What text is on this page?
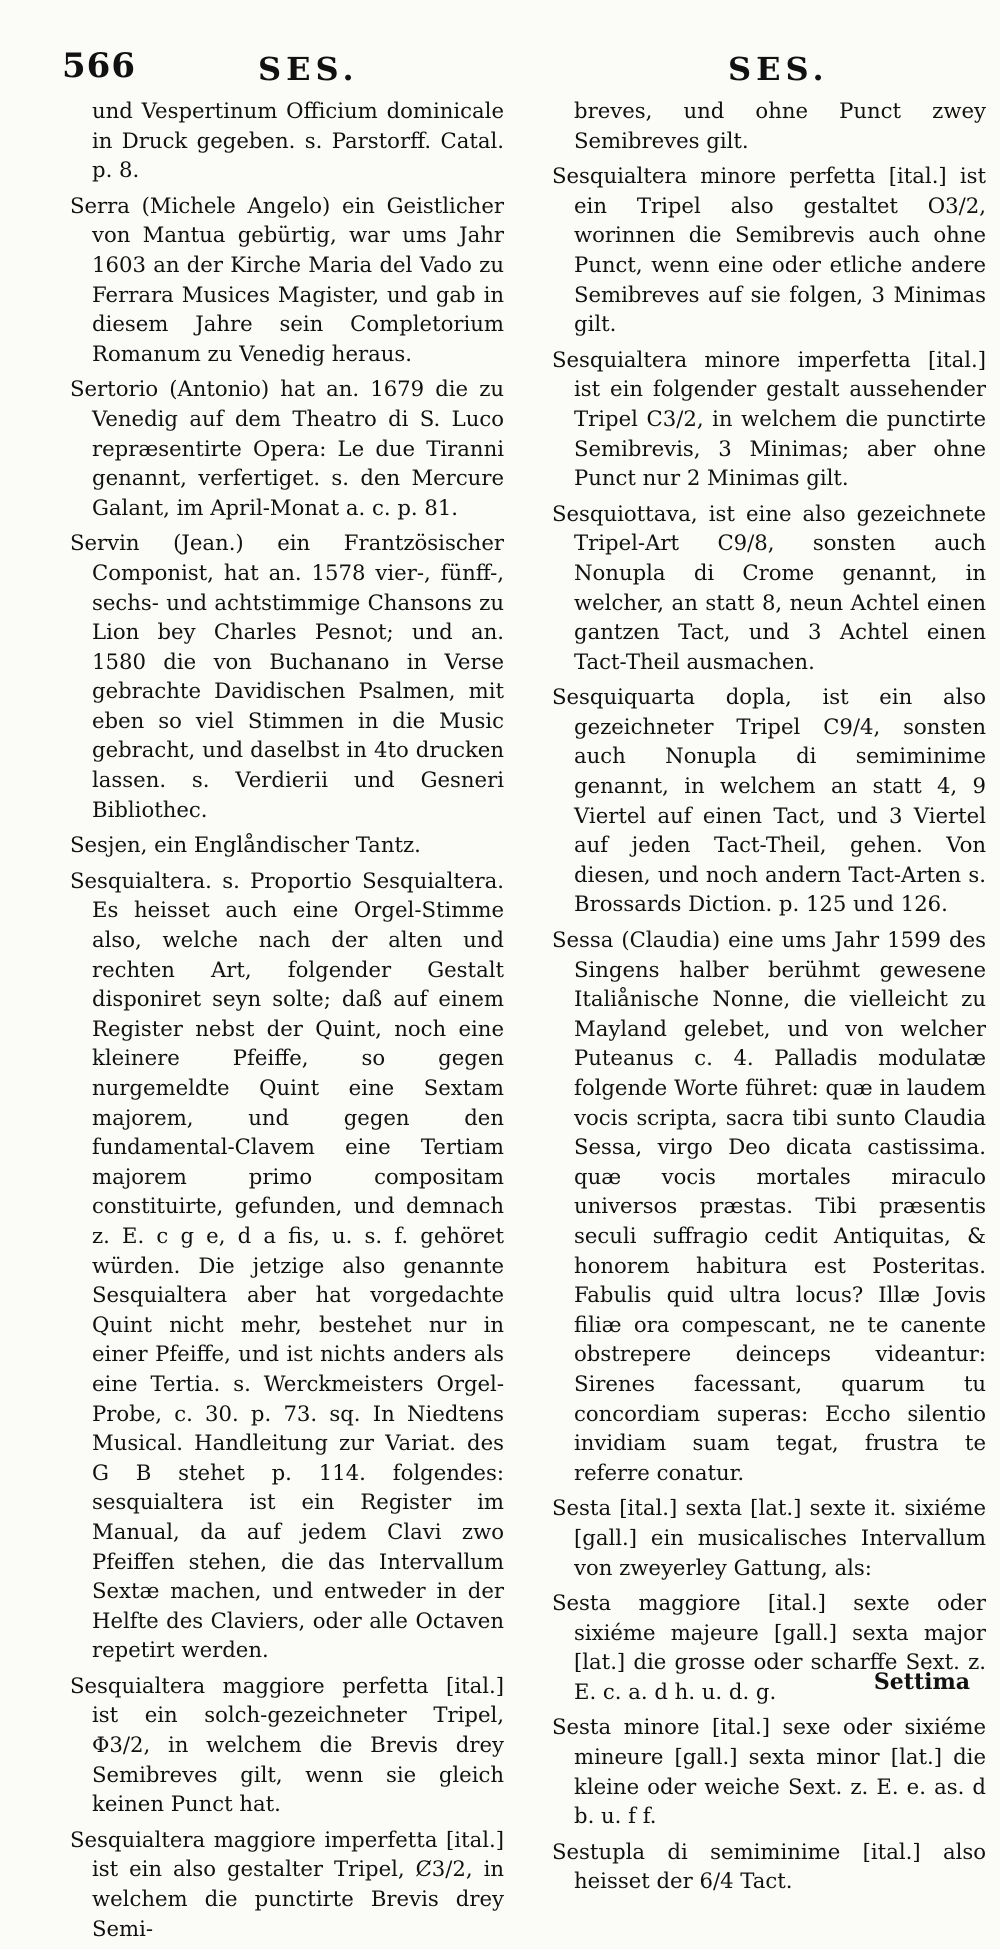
566	SES.	SES.

und Vespertinum Officium dominicale in Druck gegeben. s. Parstorff. Catal. p. 8.

Serra (Michele Angelo) ein Geistlicher von Mantua gebürtig, war ums Jahr 1603 an der Kirche Maria del Vado zu Ferrara Musices Magister, und gab in diesem Jahre sein Completorium Romanum zu Venedig heraus.

Sertorio (Antonio) hat an. 1679 die zu Venedig auf dem Theatro di S. Luco repræsentirte Opera: Le due Tiranni genannt, verfertiget. s. den Mercure Galant, im April-Monat a. c. p. 81.

Servin (Jean.) ein Frantzösischer Componist, hat an. 1578 vier-, fünff-, sechs- und achtstimmige Chansons zu Lion bey Charles Pesnot; und an. 1580 die von Buchanano in Verse gebrachte Davidischen Psalmen, mit eben so viel Stimmen in die Music gebracht, und daselbst in 4to drucken lassen. s. Verdierii und Gesneri Bibliothec.

Sesjen, ein Englåndischer Tantz.

Sesquialtera. s. Proportio Sesquialtera. Es heisset auch eine Orgel-Stimme also, welche nach der alten und rechten Art, folgender Gestalt disponiret seyn solte; daß auf einem Register nebst der Quint, noch eine kleinere Pfeiffe, so gegen nurgemeldte Quint eine Sextam majorem, und gegen den fundamental-Clavem eine Tertiam majorem primo compositam constituirte, gefunden, und demnach z. E. c g e, d a fis, u. s. f. gehöret würden. Die jetzige also genannte Sesquialtera aber hat vorgedachte Quint nicht mehr, bestehet nur in einer Pfeiffe, und ist nichts anders als eine Tertia. s. Werckmeisters Orgel-Probe, c. 30. p. 73. sq. In Niedtens Musical. Handleitung zur Variat. des G B stehet p. 114. folgendes: sesquialtera ist ein Register im Manual, da auf jedem Clavi zwo Pfeiffen stehen, die das Intervallum Sextæ machen, und entweder in der Helfte des Claviers, oder alle Octaven repetirt werden.

Sesquialtera maggiore perfetta [ital.] ist ein solch-gezeichneter Tripel, Φ3/2, in welchem die Brevis drey Semibreves gilt, wenn sie gleich keinen Punct hat.

Sesquialtera maggiore imperfetta [ital.] ist ein also gestalter Tripel, Ȼ3/2, in welchem die punctirte Brevis drey Semi-

breves, und ohne Punct zwey Semibreves gilt.

Sesquialtera minore perfetta [ital.] ist ein Tripel also gestaltet O3/2, worinnen die Semibrevis auch ohne Punct, wenn eine oder etliche andere Semibreves auf sie folgen, 3 Minimas gilt.

Sesquialtera minore imperfetta [ital.] ist ein folgender gestalt aussehender Tripel C3/2, in welchem die punctirte Semibrevis, 3 Minimas; aber ohne Punct nur 2 Minimas gilt.

Sesquiottava, ist eine also gezeichnete Tripel-Art C9/8, sonsten auch Nonupla di Crome genannt, in welcher, an statt 8, neun Achtel einen gantzen Tact, und 3 Achtel einen Tact-Theil ausmachen.

Sesquiquarta dopla, ist ein also gezeichneter Tripel C9/4, sonsten auch Nonupla di semiminime genannt, in welchem an statt 4, 9 Viertel auf einen Tact, und 3 Viertel auf jeden Tact-Theil, gehen. Von diesen, und noch andern Tact-Arten s. Brossards Diction. p. 125 und 126.

Sessa (Claudia) eine ums Jahr 1599 des Singens halber berühmt gewesene Italiånische Nonne, die vielleicht zu Mayland gelebet, und von welcher Puteanus c. 4. Palladis modulatæ folgende Worte führet: quæ in laudem vocis scripta, sacra tibi sunto Claudia Sessa, virgo Deo dicata castissima. quæ vocis mortales miraculo universos præstas. Tibi præsentis seculi suffragio cedit Antiquitas, & honorem habitura est Posteritas. Fabulis quid ultra locus? Illæ Jovis filiæ ora compescant, ne te canente obstrepere deinceps videantur: Sirenes facessant, quarum tu concordiam superas: Eccho silentio invidiam suam tegat, frustra te referre conatur.

Sesta [ital.] sexta [lat.] sexte it. sixiéme [gall.] ein musicalisches Intervallum von zweyerley Gattung, als:

Sesta maggiore [ital.] sexte oder sixiéme majeure [gall.] sexta major [lat.] die grosse oder scharffe Sext. z. E. c. a. d h. u. d. g.

Sesta minore [ital.] sexe oder sixiéme mineure [gall.] sexta minor [lat.] die kleine oder weiche Sext. z. E. e. as. d b. u. f f.

Sestupla di semiminime [ital.] also heisset der 6/4 Tact.

Settima
